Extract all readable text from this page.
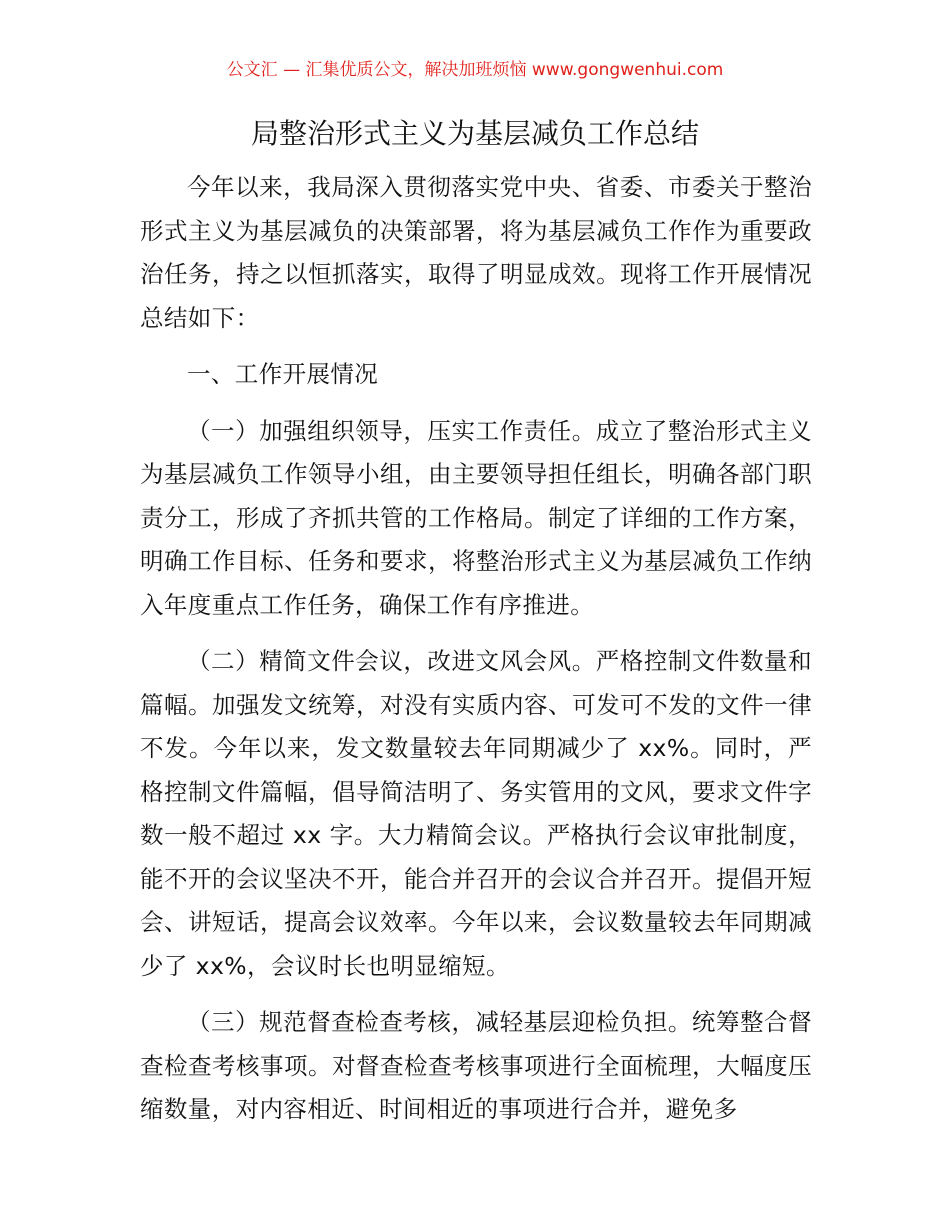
公文汇 — 汇集优质公文，解决加班烦恼 www.gongwenhui.com
局整治形式主义为基层减负工作总结

今年以来，我局深入贯彻落实党中央、省委、市委关于整治形式主义为基层减负的决策部署，将为基层减负工作作为重要政治任务，持之以恒抓落实，取得了明显成效。现将工作开展情况总结如下：

一、工作开展情况

（一）加强组织领导，压实工作责任。成立了整治形式主义为基层减负工作领导小组，由主要领导担任组长，明确各部门职责分工，形成了齐抓共管的工作格局。制定了详细的工作方案，明确工作目标、任务和要求，将整治形式主义为基层减负工作纳入年度重点工作任务，确保工作有序推进。

（二）精简文件会议，改进文风会风。严格控制文件数量和篇幅。加强发文统筹，对没有实质内容、可发可不发的文件一律不发。今年以来，发文数量较去年同期减少了 xx%。同时，严格控制文件篇幅，倡导简洁明了、务实管用的文风，要求文件字数一般不超过 xx 字。大力精简会议。严格执行会议审批制度，能不开的会议坚决不开，能合并召开的会议合并召开。提倡开短会、讲短话，提高会议效率。今年以来，会议数量较去年同期减少了 xx%，会议时长也明显缩短。

（三）规范督查检查考核，减轻基层迎检负担。统筹整合督查检查考核事项。对督查检查考核事项进行全面梳理，大幅度压缩数量，对内容相近、时间相近的事项进行合并，避免多
